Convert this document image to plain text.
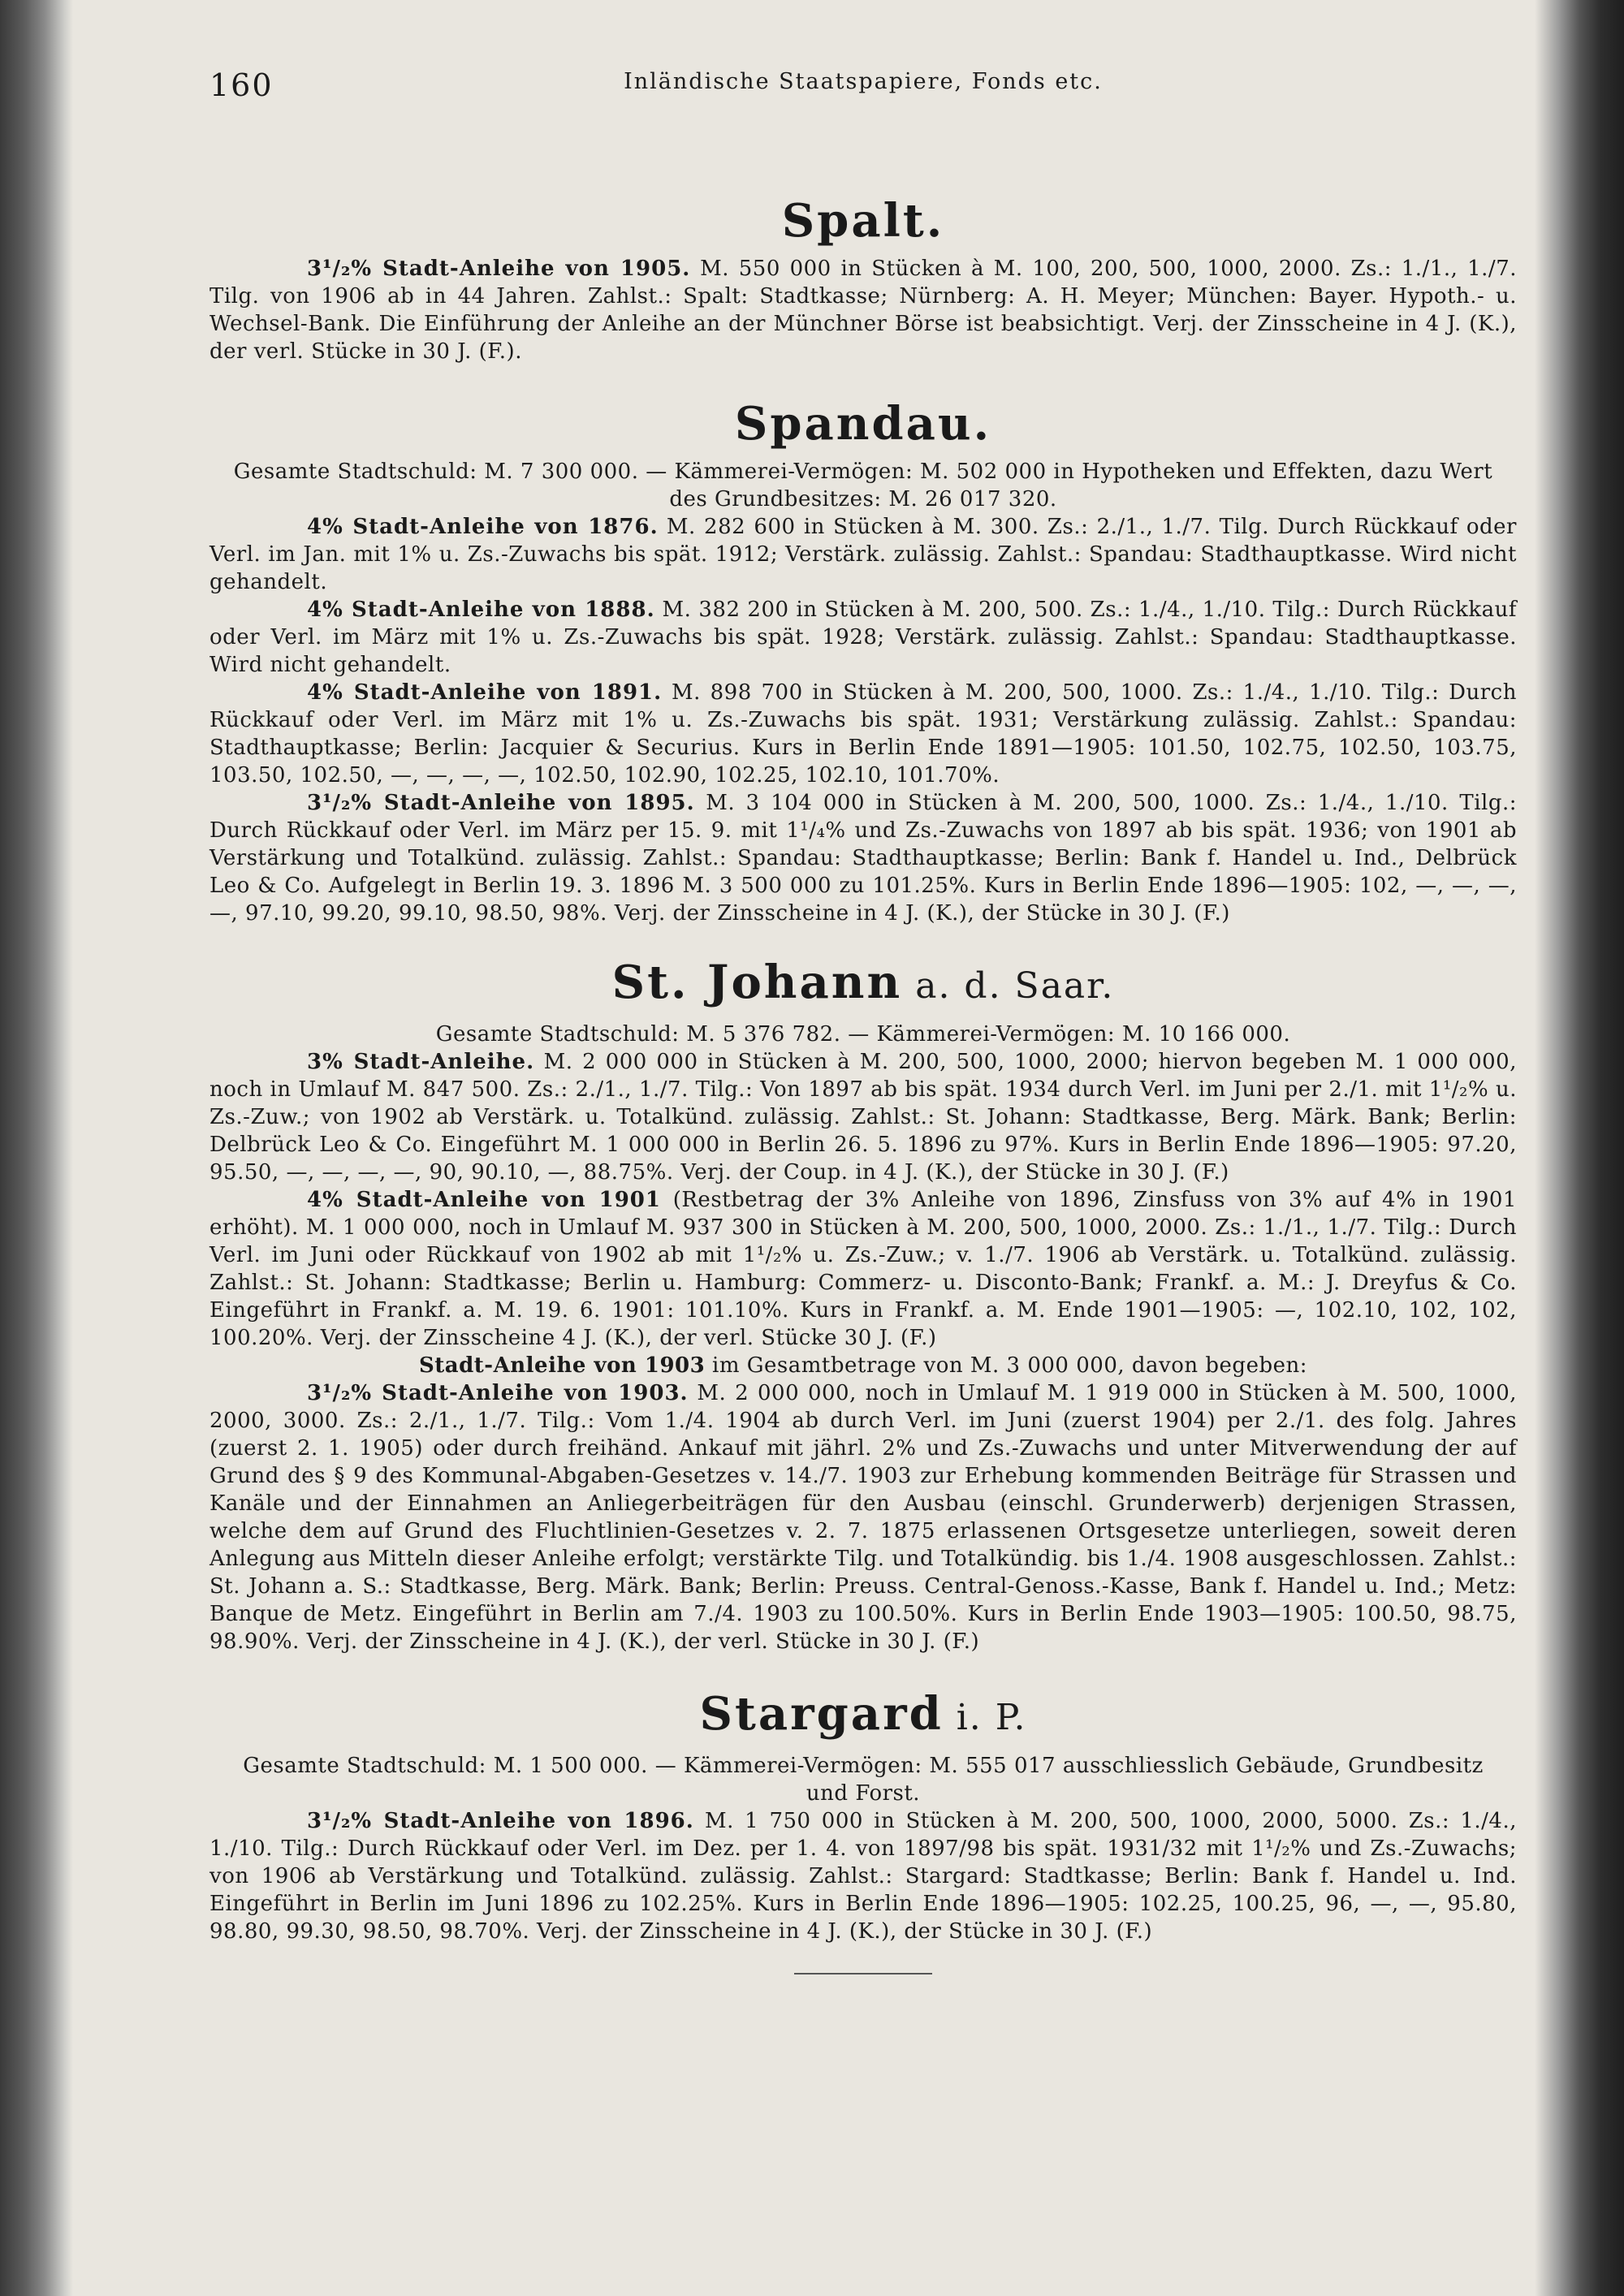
160	Inländische Staatspapiere, Fonds etc.
Spalt.

3¹/₂% Stadt-Anleihe von 1905. M. 550 000 in Stücken à M. 100, 200, 500, 1000, 2000. Zs.: 1./1., 1./7. Tilg. von 1906 ab in 44 Jahren. Zahlst.: Spalt: Stadtkasse; Nürnberg: A. H. Meyer; München: Bayer. Hypoth.- u. Wechsel-Bank. Die Einführung der Anleihe an der Münchner Börse ist beabsichtigt. Verj. der Zinsscheine in 4 J. (K.), der verl. Stücke in 30 J. (F.).

Spandau.

Gesamte Stadtschuld: M. 7 300 000. — Kämmerei-Vermögen: M. 502 000 in Hypotheken und Effekten, dazu Wert des Grundbesitzes: M. 26 017 320.

4% Stadt-Anleihe von 1876. M. 282 600 in Stücken à M. 300. Zs.: 2./1., 1./7. Tilg. Durch Rückkauf oder Verl. im Jan. mit 1% u. Zs.-Zuwachs bis spät. 1912; Verstärk. zulässig. Zahlst.: Spandau: Stadthauptkasse. Wird nicht gehandelt.

4% Stadt-Anleihe von 1888. M. 382 200 in Stücken à M. 200, 500. Zs.: 1./4., 1./10. Tilg.: Durch Rückkauf oder Verl. im März mit 1% u. Zs.-Zuwachs bis spät. 1928; Verstärk. zulässig. Zahlst.: Spandau: Stadthauptkasse. Wird nicht gehandelt.

4% Stadt-Anleihe von 1891. M. 898 700 in Stücken à M. 200, 500, 1000. Zs.: 1./4., 1./10. Tilg.: Durch Rückkauf oder Verl. im März mit 1% u. Zs.-Zuwachs bis spät. 1931; Verstärkung zulässig. Zahlst.: Spandau: Stadthauptkasse; Berlin: Jacquier & Securius. Kurs in Berlin Ende 1891—1905: 101.50, 102.75, 102.50, 103.75, 103.50, 102.50, —, —, —, —, 102.50, 102.90, 102.25, 102.10, 101.70%.

3¹/₂% Stadt-Anleihe von 1895. M. 3 104 000 in Stücken à M. 200, 500, 1000. Zs.: 1./4., 1./10. Tilg.: Durch Rückkauf oder Verl. im März per 15. 9. mit 1¹/₄% und Zs.-Zuwachs von 1897 ab bis spät. 1936; von 1901 ab Verstärkung und Totalkünd. zulässig. Zahlst.: Spandau: Stadthauptkasse; Berlin: Bank f. Handel u. Ind., Delbrück Leo & Co. Aufgelegt in Berlin 19. 3. 1896 M. 3 500 000 zu 101.25%. Kurs in Berlin Ende 1896—1905: 102, —, —, —, —, 97.10, 99.20, 99.10, 98.50, 98%. Verj. der Zinsscheine in 4 J. (K.), der Stücke in 30 J. (F.)

St. Johann a. d. Saar.

Gesamte Stadtschuld: M. 5 376 782. — Kämmerei-Vermögen: M. 10 166 000.

3% Stadt-Anleihe. M. 2 000 000 in Stücken à M. 200, 500, 1000, 2000; hiervon begeben M. 1 000 000, noch in Umlauf M. 847 500. Zs.: 2./1., 1./7. Tilg.: Von 1897 ab bis spät. 1934 durch Verl. im Juni per 2./1. mit 1¹/₂% u. Zs.-Zuw.; von 1902 ab Verstärk. u. Totalkünd. zulässig. Zahlst.: St. Johann: Stadtkasse, Berg. Märk. Bank; Berlin: Delbrück Leo & Co. Eingeführt M. 1 000 000 in Berlin 26. 5. 1896 zu 97%. Kurs in Berlin Ende 1896—1905: 97.20, 95.50, —, —, —, —, 90, 90.10, —, 88.75%. Verj. der Coup. in 4 J. (K.), der Stücke in 30 J. (F.)

4% Stadt-Anleihe von 1901 (Restbetrag der 3% Anleihe von 1896, Zinsfuss von 3% auf 4% in 1901 erhöht). M. 1 000 000, noch in Umlauf M. 937 300 in Stücken à M. 200, 500, 1000, 2000. Zs.: 1./1., 1./7. Tilg.: Durch Verl. im Juni oder Rückkauf von 1902 ab mit 1¹/₂% u. Zs.-Zuw.; v. 1./7. 1906 ab Verstärk. u. Totalkünd. zulässig. Zahlst.: St. Johann: Stadtkasse; Berlin u. Hamburg: Commerz- u. Disconto-Bank; Frankf. a. M.: J. Dreyfus & Co. Eingeführt in Frankf. a. M. 19. 6. 1901: 101.10%. Kurs in Frankf. a. M. Ende 1901—1905: —, 102.10, 102, 102, 100.20%. Verj. der Zinsscheine 4 J. (K.), der verl. Stücke 30 J. (F.)

Stadt-Anleihe von 1903 im Gesamtbetrage von M. 3 000 000, davon begeben:

3¹/₂% Stadt-Anleihe von 1903. M. 2 000 000, noch in Umlauf M. 1 919 000 in Stücken à M. 500, 1000, 2000, 3000. Zs.: 2./1., 1./7. Tilg.: Vom 1./4. 1904 ab durch Verl. im Juni (zuerst 1904) per 2./1. des folg. Jahres (zuerst 2. 1. 1905) oder durch freihänd. Ankauf mit jährl. 2% und Zs.-Zuwachs und unter Mitverwendung der auf Grund des § 9 des Kommunal-Abgaben-Gesetzes v. 14./7. 1903 zur Erhebung kommenden Beiträge für Strassen und Kanäle und der Einnahmen an Anliegerbeiträgen für den Ausbau (einschl. Grunderwerb) derjenigen Strassen, welche dem auf Grund des Fluchtlinien-Gesetzes v. 2. 7. 1875 erlassenen Ortsgesetze unterliegen, soweit deren Anlegung aus Mitteln dieser Anleihe erfolgt; verstärkte Tilg. und Totalkündig. bis 1./4. 1908 ausgeschlossen. Zahlst.: St. Johann a. S.: Stadtkasse, Berg. Märk. Bank; Berlin: Preuss. Central-Genoss.-Kasse, Bank f. Handel u. Ind.; Metz: Banque de Metz. Eingeführt in Berlin am 7./4. 1903 zu 100.50%. Kurs in Berlin Ende 1903—1905: 100.50, 98.75, 98.90%. Verj. der Zinsscheine in 4 J. (K.), der verl. Stücke in 30 J. (F.)

Stargard i. P.

Gesamte Stadtschuld: M. 1 500 000. — Kämmerei-Vermögen: M. 555 017 ausschliesslich Gebäude, Grundbesitz und Forst.

3¹/₂% Stadt-Anleihe von 1896. M. 1 750 000 in Stücken à M. 200, 500, 1000, 2000, 5000. Zs.: 1./4., 1./10. Tilg.: Durch Rückkauf oder Verl. im Dez. per 1. 4. von 1897/98 bis spät. 1931/32 mit 1¹/₂% und Zs.-Zuwachs; von 1906 ab Verstärkung und Totalkünd. zulässig. Zahlst.: Stargard: Stadtkasse; Berlin: Bank f. Handel u. Ind. Eingeführt in Berlin im Juni 1896 zu 102.25%. Kurs in Berlin Ende 1896—1905: 102.25, 100.25, 96, —, —, 95.80, 98.80, 99.30, 98.50, 98.70%. Verj. der Zinsscheine in 4 J. (K.), der Stücke in 30 J. (F.)
